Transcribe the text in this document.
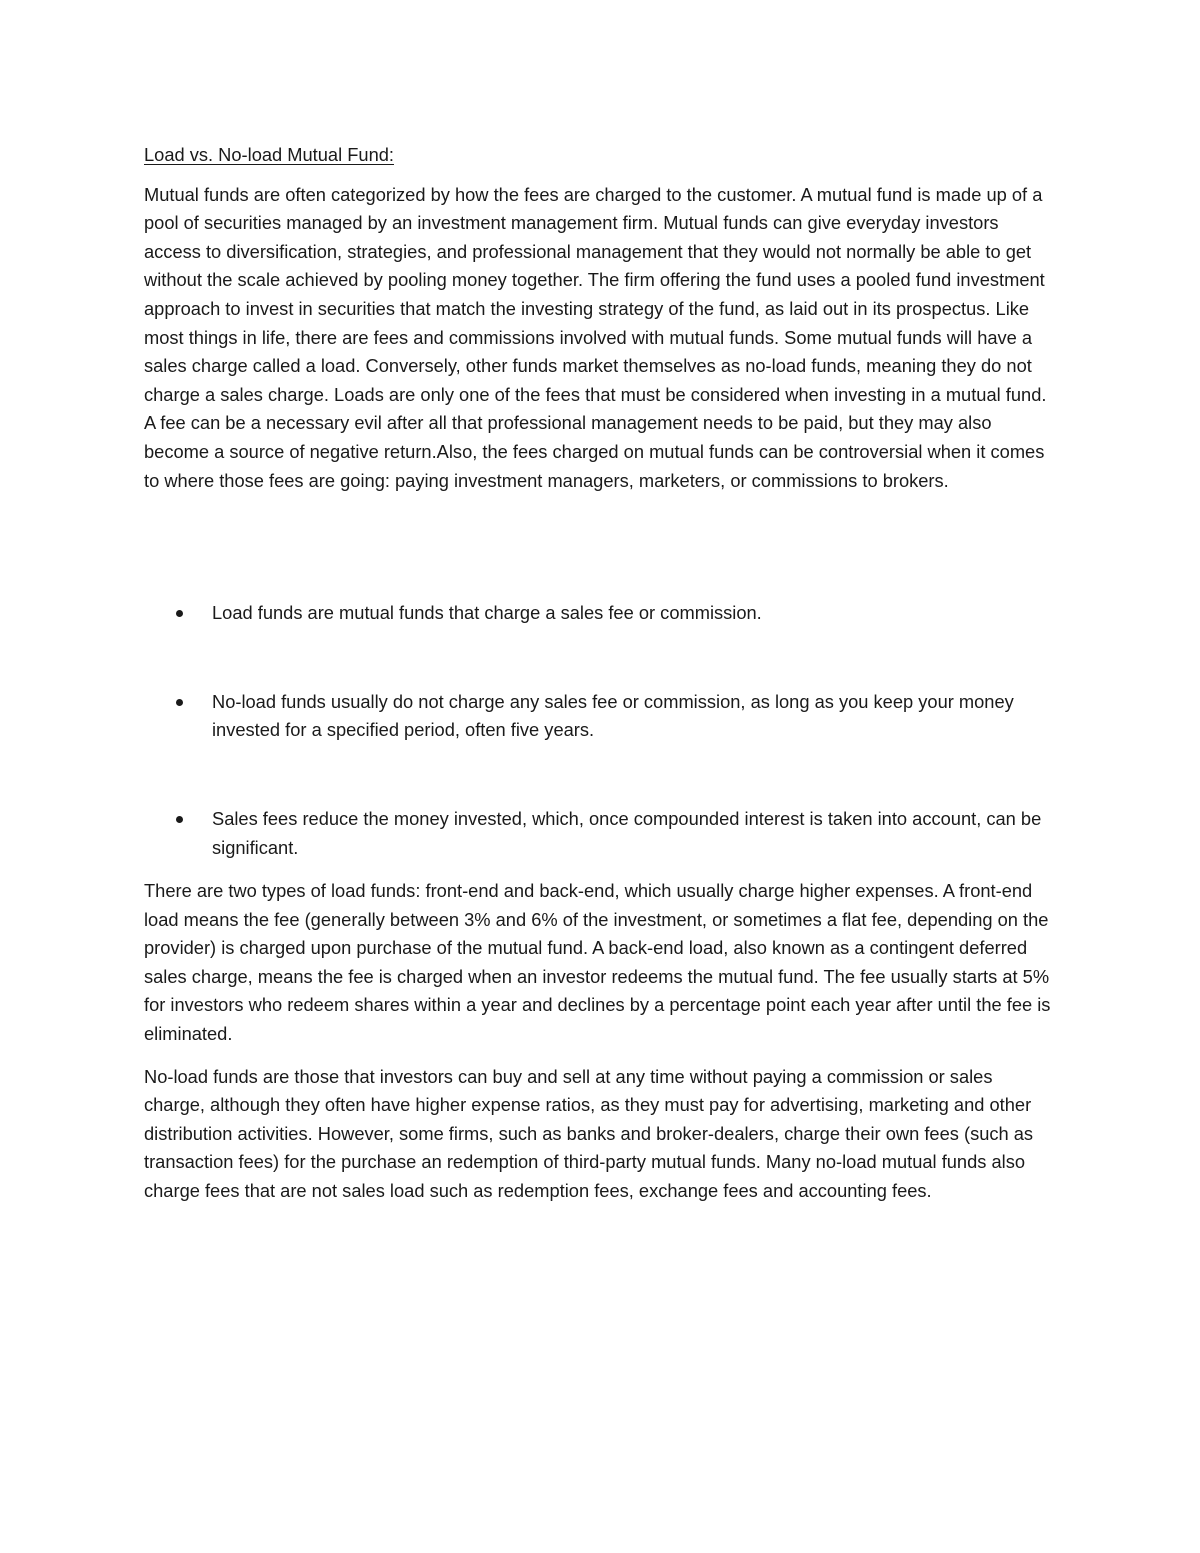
Load vs. No-load Mutual Fund:

Mutual funds are often categorized by how the fees are charged to the customer. A mutual fund is made up of a pool of securities managed by an investment management firm. Mutual funds can give everyday investors access to diversification, strategies, and professional management that they would not normally be able to get without the scale achieved by pooling money together. The firm offering the fund uses a pooled fund investment approach to invest in securities that match the investing strategy of the fund, as laid out in its prospectus. Like most things in life, there are fees and commissions involved with mutual funds. Some mutual funds will have a sales charge called a load. Conversely, other funds market themselves as no-load funds, meaning they do not charge a sales charge. Loads are only one of the fees that must be considered when investing in a mutual fund. A fee can be a necessary evil after all that professional management needs to be paid, but they may also become a source of negative return.Also, the fees charged on mutual funds can be controversial when it comes to where those fees are going: paying investment managers, marketers, or commissions to brokers.

Load funds are mutual funds that charge a sales fee or commission.
No-load funds usually do not charge any sales fee or commission, as long as you keep your money invested for a specified period, often five years.
Sales fees reduce the money invested, which, once compounded interest is taken into account, can be significant.

There are two types of load funds: front-end and back-end, which usually charge higher expenses. A front-end load means the fee (generally between 3% and 6% of the investment, or sometimes a flat fee, depending on the provider) is charged upon purchase of the mutual fund. A back-end load, also known as a contingent deferred sales charge, means the fee is charged when an investor redeems the mutual fund. The fee usually starts at 5% for investors who redeem shares within a year and declines by a percentage point each year after until the fee is eliminated.

No-load funds are those that investors can buy and sell at any time without paying a commission or sales charge, although they often have higher expense ratios, as they must pay for advertising, marketing and other distribution activities. However, some firms, such as banks and broker-dealers, charge their own fees (such as transaction fees) for the purchase an redemption of third-party mutual funds. Many no-load mutual funds also charge fees that are not sales load such as redemption fees, exchange fees and accounting fees.
